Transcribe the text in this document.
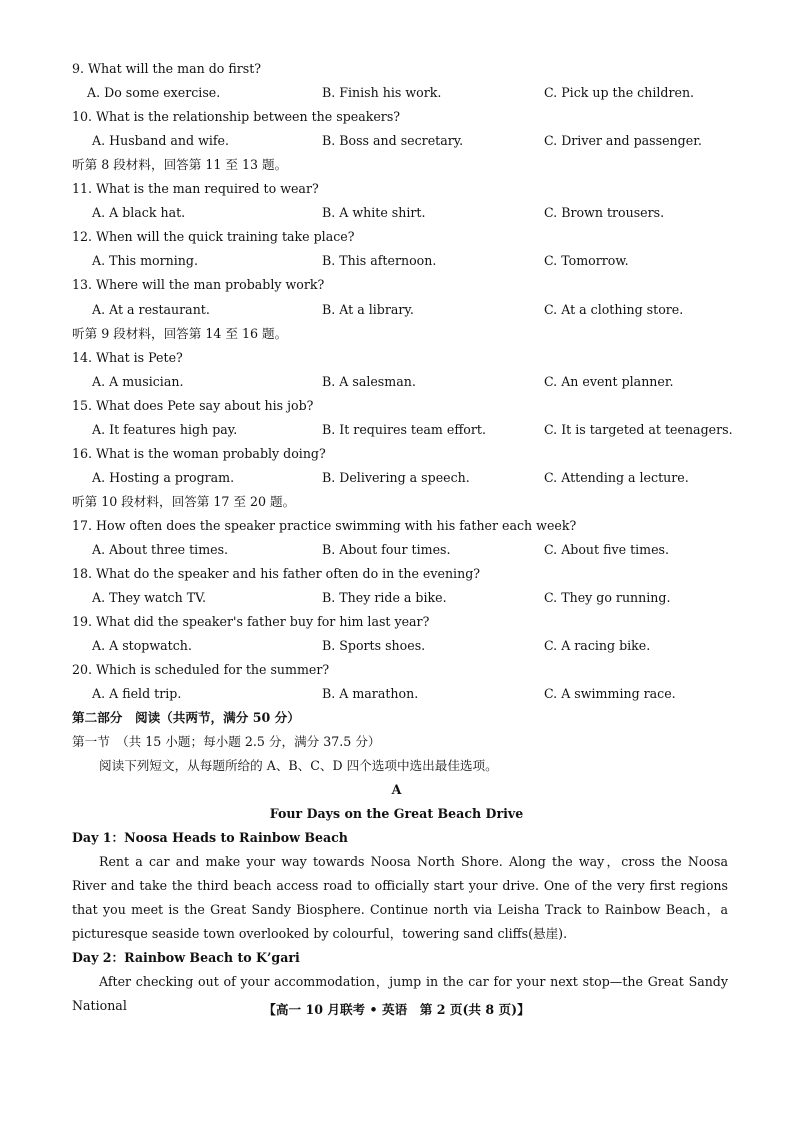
9. What will the man do first?
A. Do some exercise.	B. Finish his work.	C. Pick up the children.
10. What is the relationship between the speakers?
A. Husband and wife.	B. Boss and secretary.	C. Driver and passenger.
听第 8 段材料，回答第 11 至 13 题。
11. What is the man required to wear?
A. A black hat.	B. A white shirt.	C. Brown trousers.
12. When will the quick training take place?
A. This morning.	B. This afternoon.	C. Tomorrow.
13. Where will the man probably work?
A. At a restaurant.	B. At a library.	C. At a clothing store.
听第 9 段材料，回答第 14 至 16 题。
14. What is Pete?
A. A musician.	B. A salesman.	C. An event planner.
15. What does Pete say about his job?
A. It features high pay.	B. It requires team effort.	C. It is targeted at teenagers.
16. What is the woman probably doing?
A. Hosting a program.	B. Delivering a speech.	C. Attending a lecture.
听第 10 段材料，回答第 17 至 20 题。
17. How often does the speaker practice swimming with his father each week?
A. About three times.	B. About four times.	C. About five times.
18. What do the speaker and his father often do in the evening?
A. They watch TV.	B. They ride a bike.	C. They go running.
19. What did the speaker's father buy for him last year?
A. A stopwatch.	B. Sports shoes.	C. A racing bike.
20. Which is scheduled for the summer?
A. A field trip.	B. A marathon.	C. A swimming race.
第二部分　阅读（共两节，满分 50 分）
第一节　（共 15 小题；每小题 2.5 分，满分 37.5 分）
阅读下列短文，从每题所给的 A、B、C、D 四个选项中选出最佳选项。
A
Four Days on the Great Beach Drive
Day 1：Noosa Heads to Rainbow Beach
Rent a car and make your way towards Noosa North Shore. Along the way，cross the Noosa River and take the third beach access road to officially start your drive. One of the very first regions that you meet is the Great Sandy Biosphere. Continue north via Leisha Track to Rainbow Beach，a picturesque seaside town overlooked by colourful，towering sand cliffs(悬崖).
Day 2：Rainbow Beach to K’gari
After checking out of your accommodation，jump in the car for your next stop—the Great Sandy National	【高一 10 月联考 • 英语　第 2 页(共 8 页)】
